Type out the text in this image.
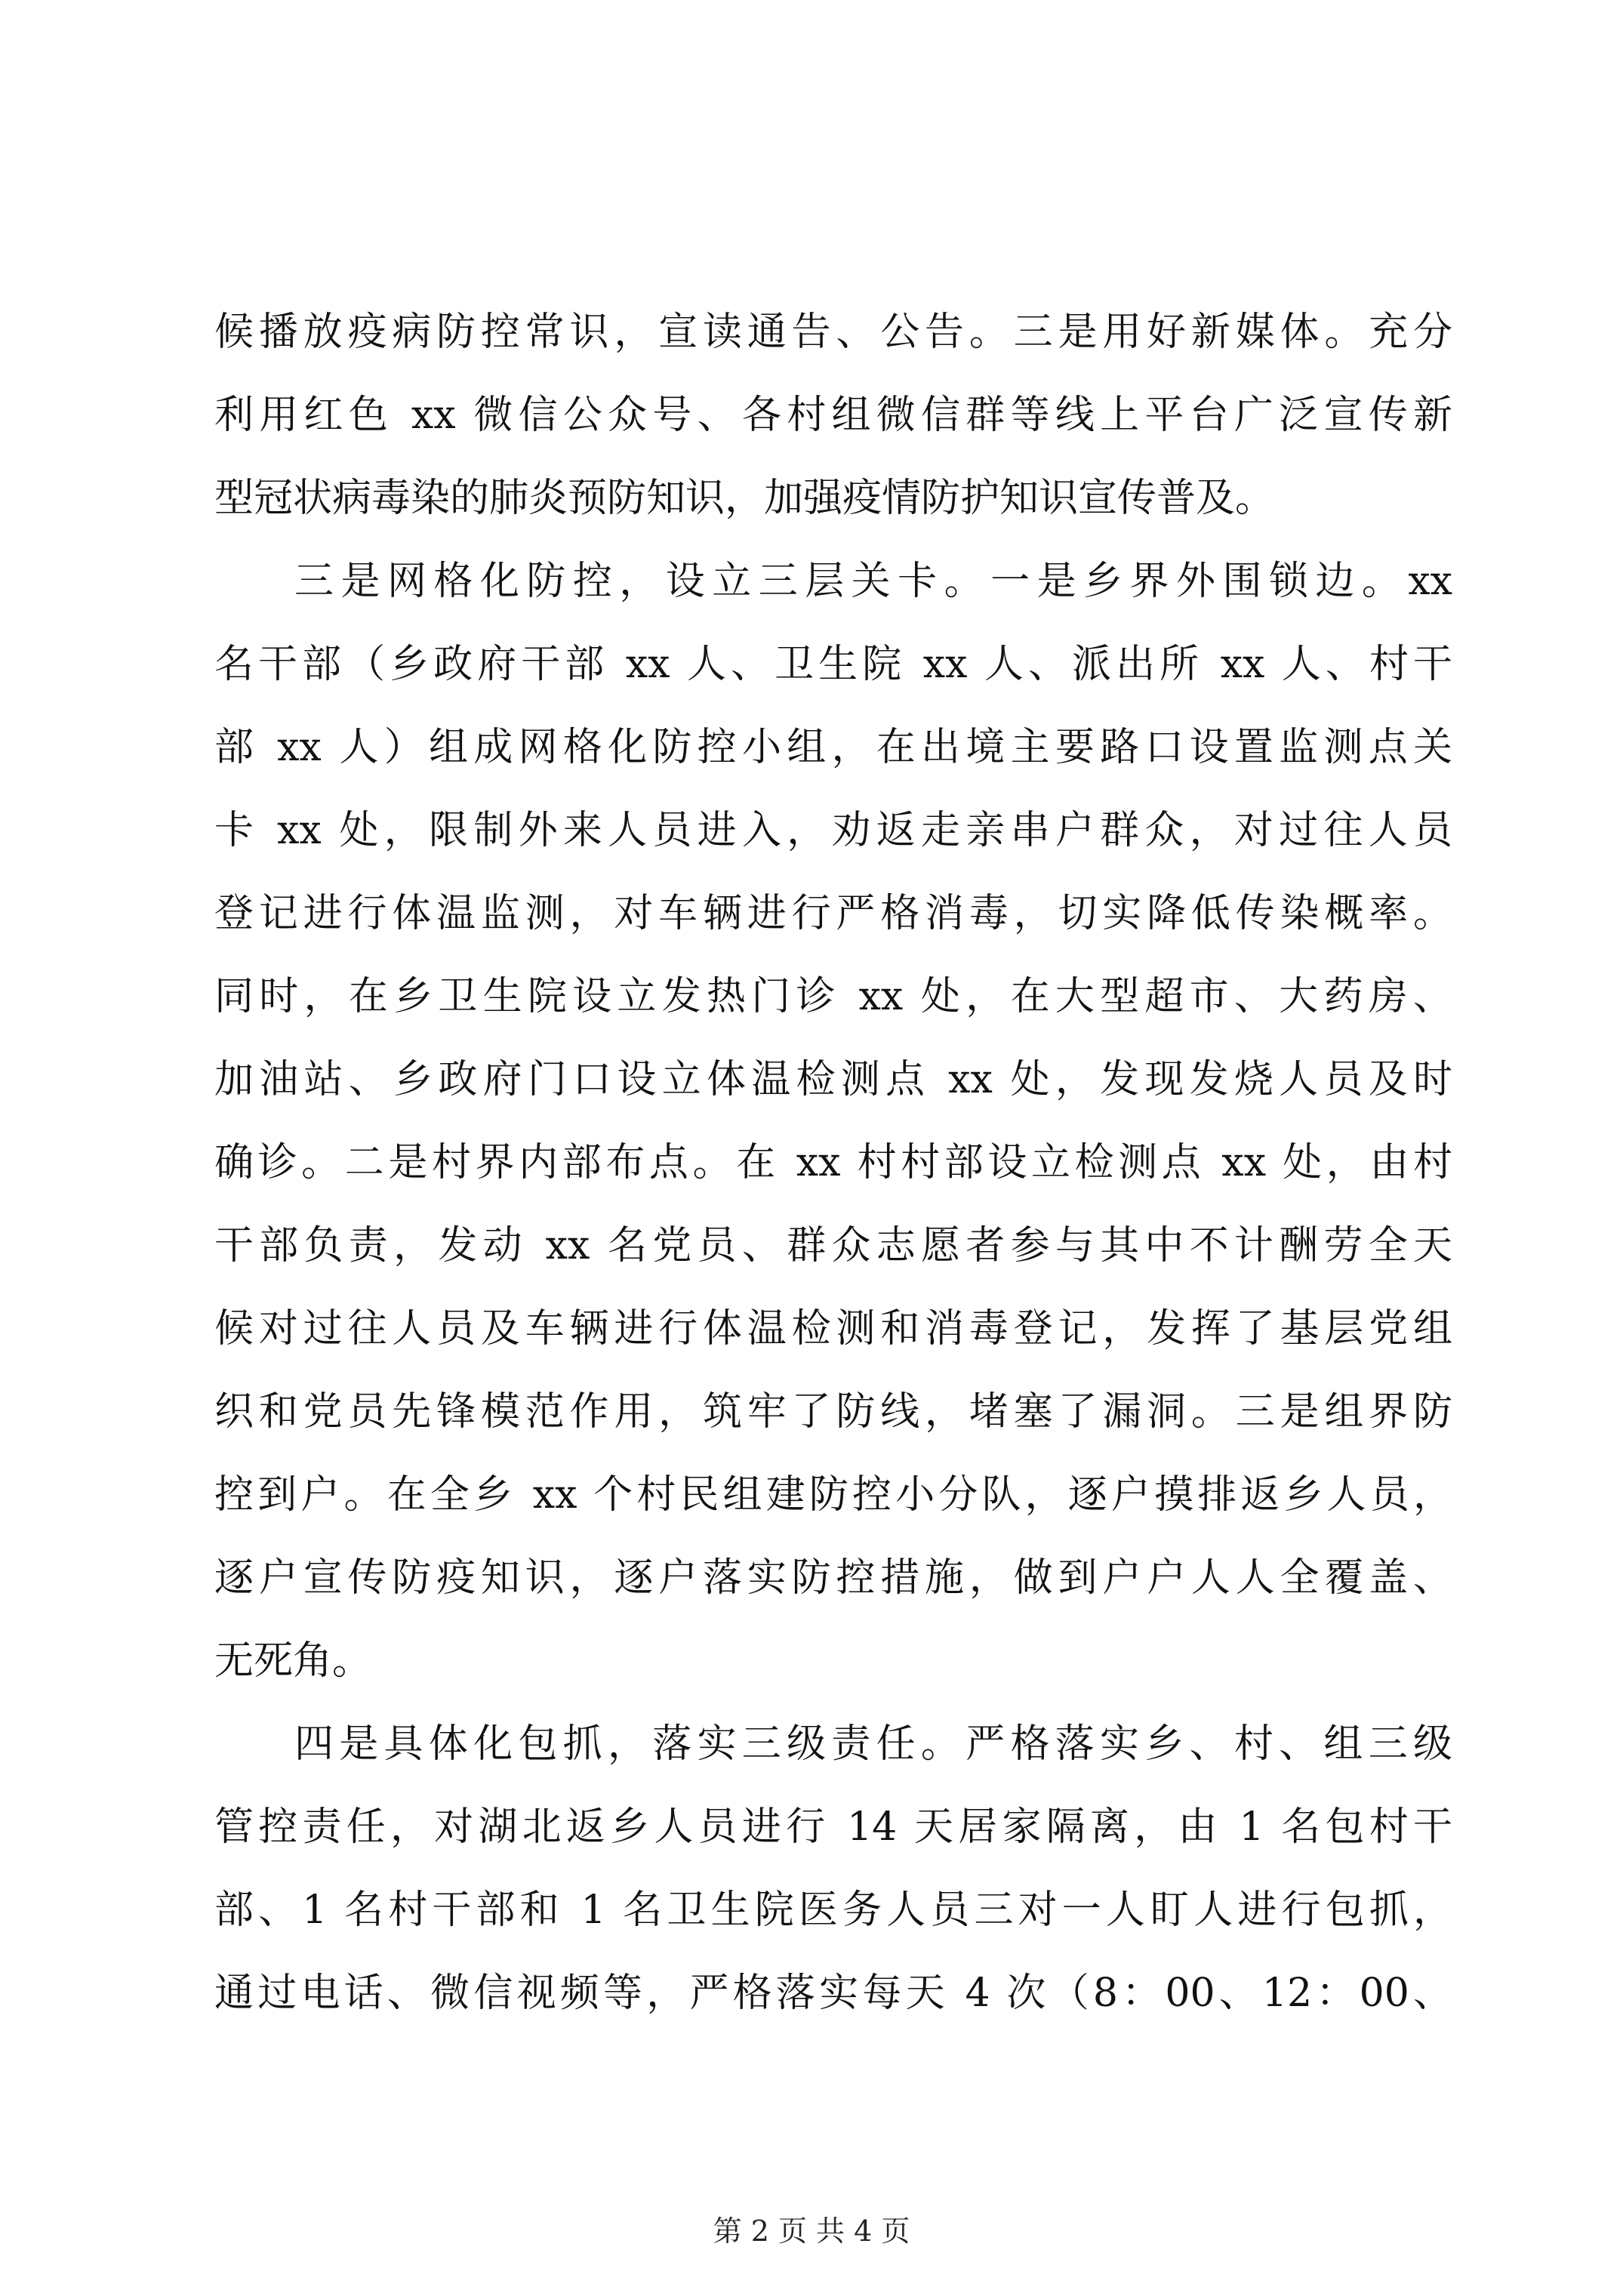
候播放疫病防控常识，宣读通告、公告。三是用好新媒体。充分
利用红色 xx 微信公众号、各村组微信群等线上平台广泛宣传新
型冠状病毒染的肺炎预防知识，加强疫情防护知识宣传普及。
三是网格化防控，设立三层关卡。一是乡界外围锁边。xx
名干部（乡政府干部 xx 人、卫生院 xx 人、派出所 xx 人、村干
部 xx 人）组成网格化防控小组，在出境主要路口设置监测点关
卡 xx 处，限制外来人员进入，劝返走亲串户群众，对过往人员
登记进行体温监测，对车辆进行严格消毒，切实降低传染概率。
同时，在乡卫生院设立发热门诊 xx 处，在大型超市、大药房、
加油站、乡政府门口设立体温检测点 xx 处，发现发烧人员及时
确诊。二是村界内部布点。在 xx 村村部设立检测点 xx 处，由村
干部负责，发动 xx 名党员、群众志愿者参与其中不计酬劳全天
候对过往人员及车辆进行体温检测和消毒登记，发挥了基层党组
织和党员先锋模范作用，筑牢了防线，堵塞了漏洞。三是组界防
控到户。在全乡 xx 个村民组建防控小分队，逐户摸排返乡人员，
逐户宣传防疫知识，逐户落实防控措施，做到户户人人全覆盖、
无死角。
四是具体化包抓，落实三级责任。严格落实乡、村、组三级
管控责任，对湖北返乡人员进行 14 天居家隔离，由 1 名包村干
部、1 名村干部和 1 名卫生院医务人员三对一人盯人进行包抓，
通过电话、微信视频等，严格落实每天 4 次（8：00、12：00、
第 2 页 共 4 页
